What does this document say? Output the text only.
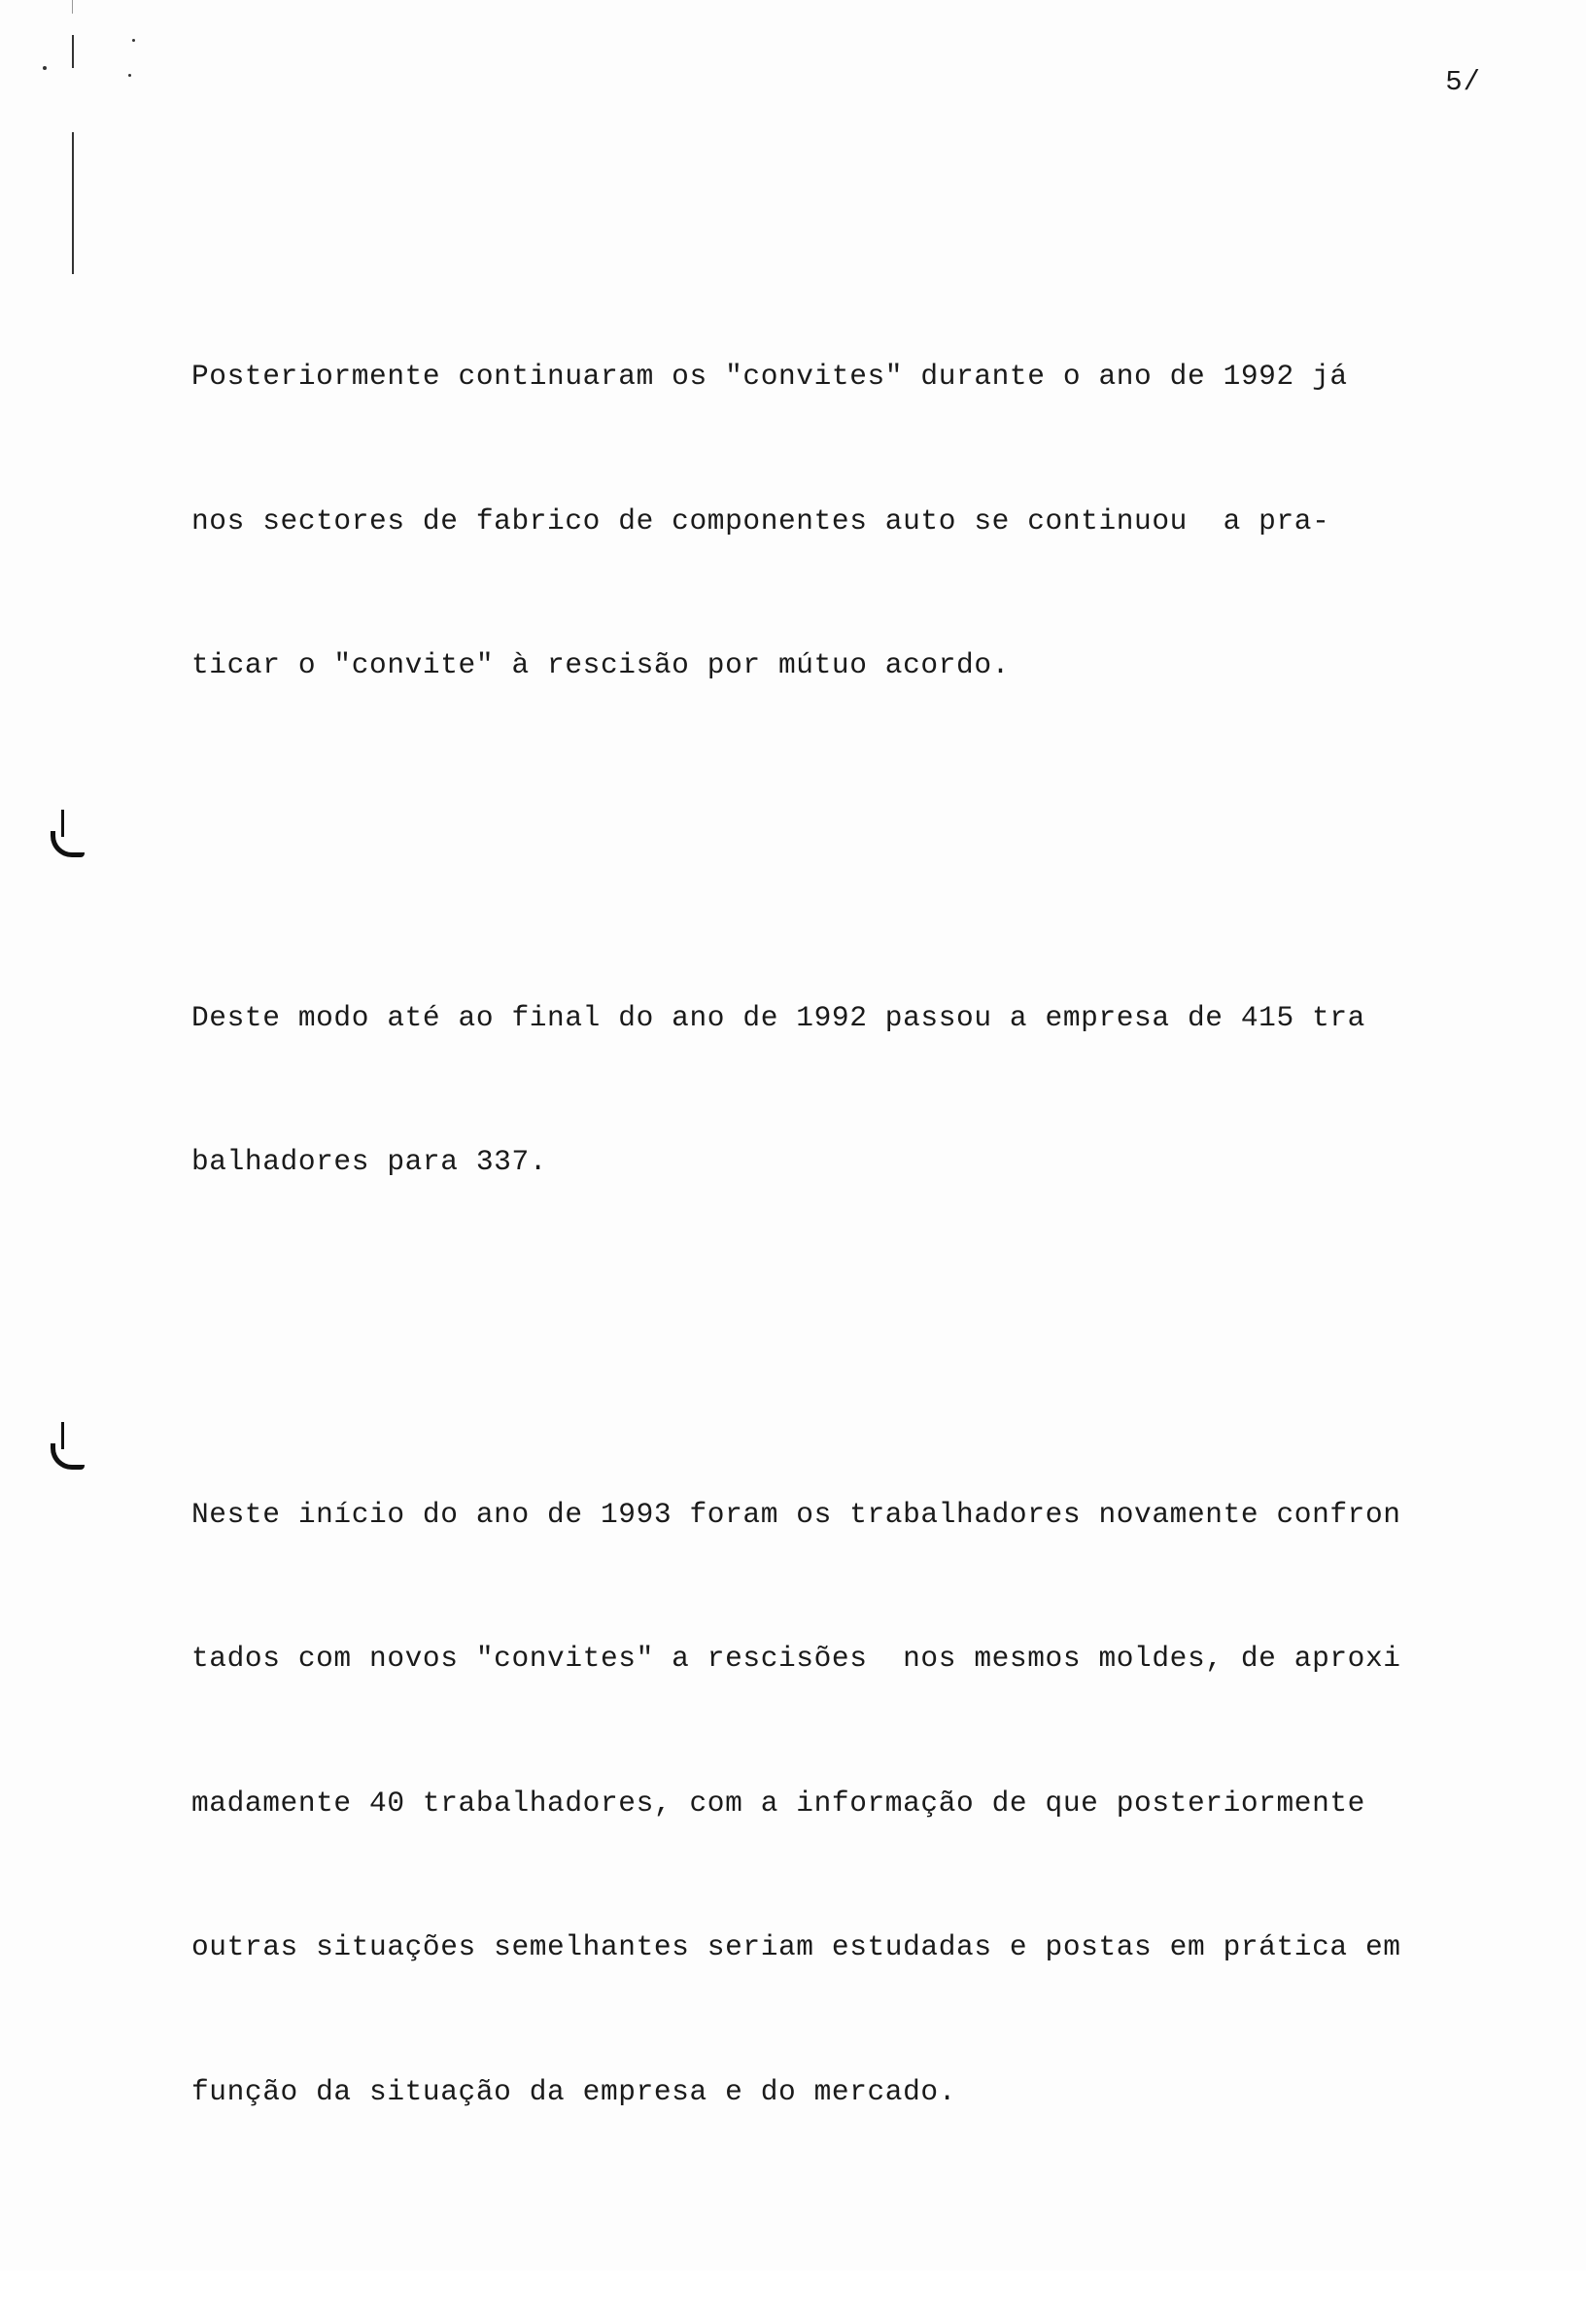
5/

Posteriormente continuaram os "convites" durante o ano de 1992 já

nos sectores de fabrico de componentes auto se continuou  a pra-

ticar o "convite" à rescisão por mútuo acordo.

Deste modo até ao final do ano de 1992 passou a empresa de 415 tra

balhadores para 337.

Neste início do ano de 1993 foram os trabalhadores novamente confron

tados com novos "convites" a rescisões  nos mesmos moldes, de aproxi

madamente 40 trabalhadores, com a informação de que posteriormente

outras situações semelhantes seriam estudadas e postas em prática em

função da situação da empresa e do mercado.
